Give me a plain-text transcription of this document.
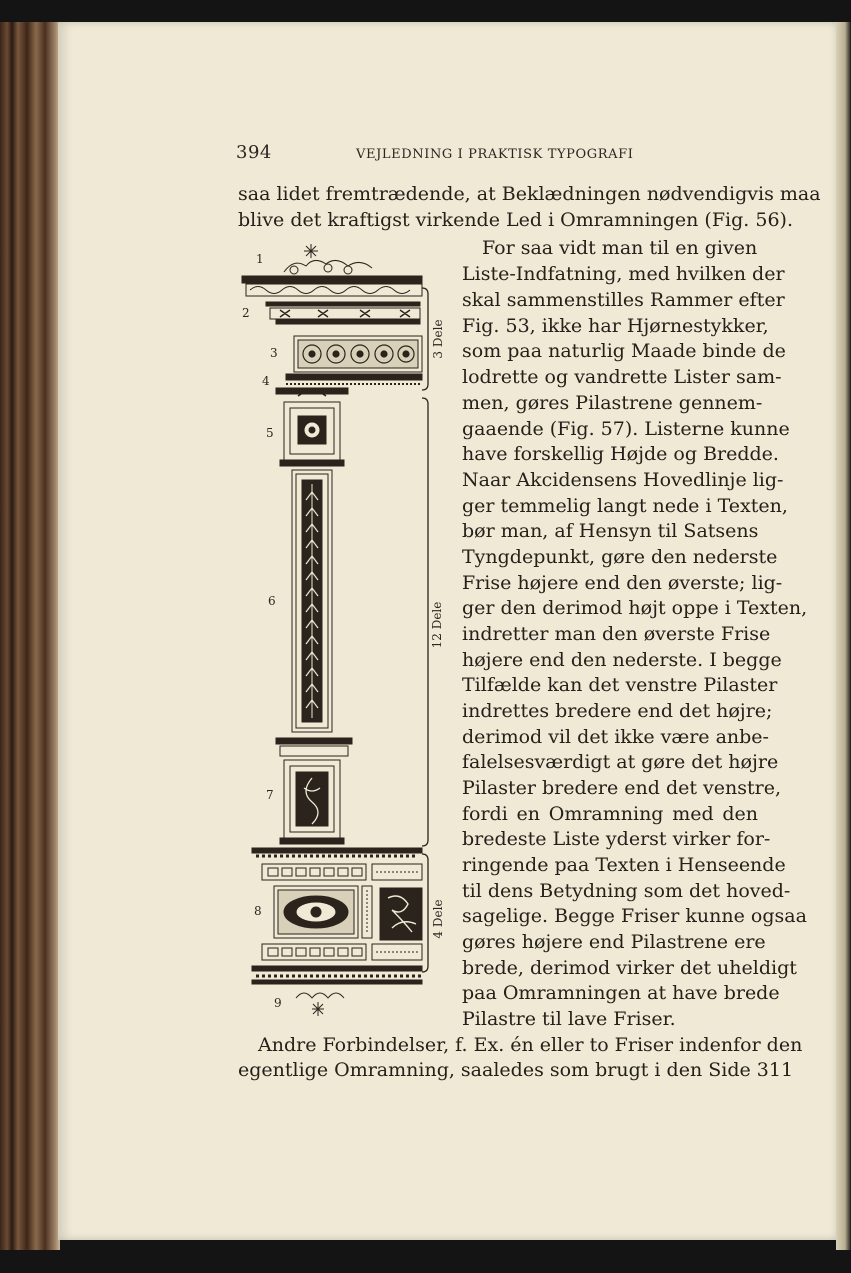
394	VEJLEDNING I PRAKTISK TYPOGRAFI
saa lidet fremtrædende, at Beklædningen nødvendigvis maa
blive det kraftigst virkende Led i Omramningen (Fig. 56).
For saa vidt man til en given
Liste-Indfatning, med hvilken der
skal sammenstilles Rammer efter
Fig. 53, ikke har Hjørnestykker,
som paa naturlig Maade binde de
lodrette og vandrette Lister sam-
men, gøres Pilastrene gennem-
gaaende (Fig. 57). Listerne kunne
have forskellig Højde og Bredde.
Naar Akcidensens Hovedlinje lig-
ger temmelig langt nede i Texten,
bør man, af Hensyn til Satsens
Tyngdepunkt, gøre den nederste
Frise højere end den øverste; lig-
ger den derimod højt oppe i Texten,
indretter man den øverste Frise
højere end den nederste. I begge
Tilfælde kan det venstre Pilaster
indrettes bredere end det højre;
derimod vil det ikke være anbe-
falelsesværdigt at gøre det højre
Pilaster bredere end det venstre,
fordi en Omramning med den
bredeste Liste yderst virker for-
ringende paa Texten i Henseende
til dens Betydning som det hoved-
sagelige. Begge Friser kunne ogsaa
gøres højere end Pilastrene ere
brede, derimod virker det uheldigt
paa Omramningen at have brede
Pilastre til lave Friser.
Andre Forbindelser, f. Ex. én eller to Friser indenfor den
egentlige Omramning, saaledes som brugt i den Side 311
1
2
3
4
5
6
7
8
9
3 Dele
12 Dele
4 Dele
